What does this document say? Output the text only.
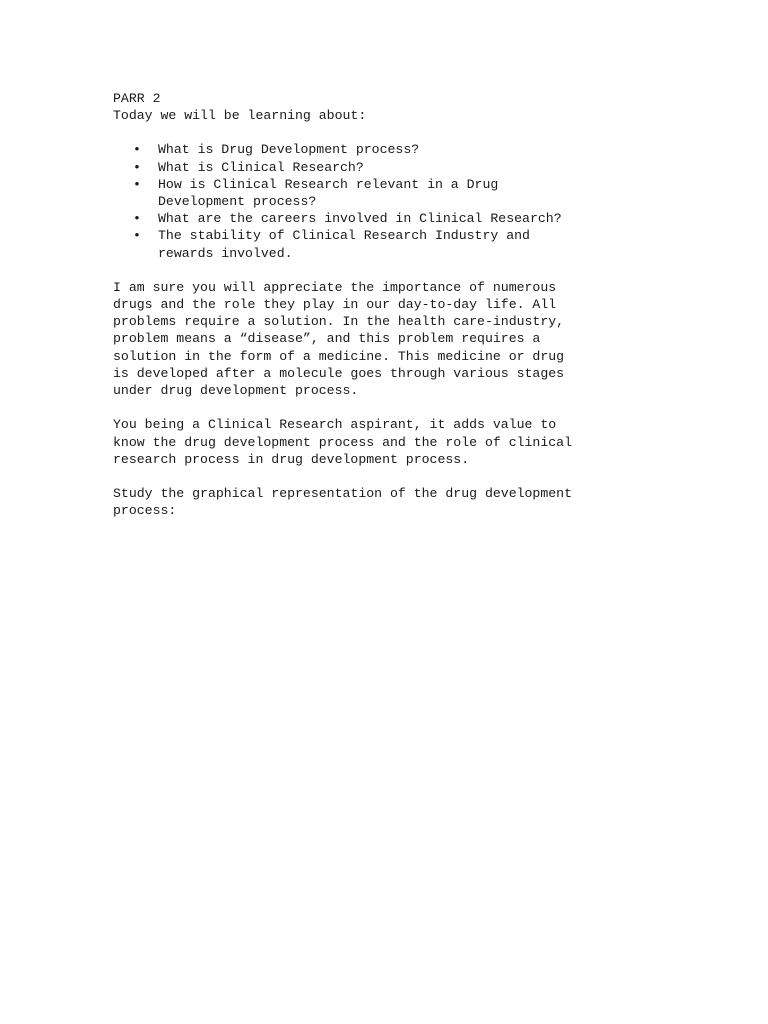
PARR 2
Today we will be learning about:
• What is Drug Development process?
• What is Clinical Research?
• How is Clinical Research relevant in a Drug
Development process?
• What are the careers involved in Clinical Research?
• The stability of Clinical Research Industry and
rewards involved.
I am sure you will appreciate the importance of numerous
drugs and the role they play in our day-to-day life. All
problems require a solution. In the health care-industry,
problem means a “disease”, and this problem requires a
solution in the form of a medicine. This medicine or drug
is developed after a molecule goes through various stages
under drug development process.
You being a Clinical Research aspirant, it adds value to
know the drug development process and the role of clinical
research process in drug development process.
Study the graphical representation of the drug development
process:
